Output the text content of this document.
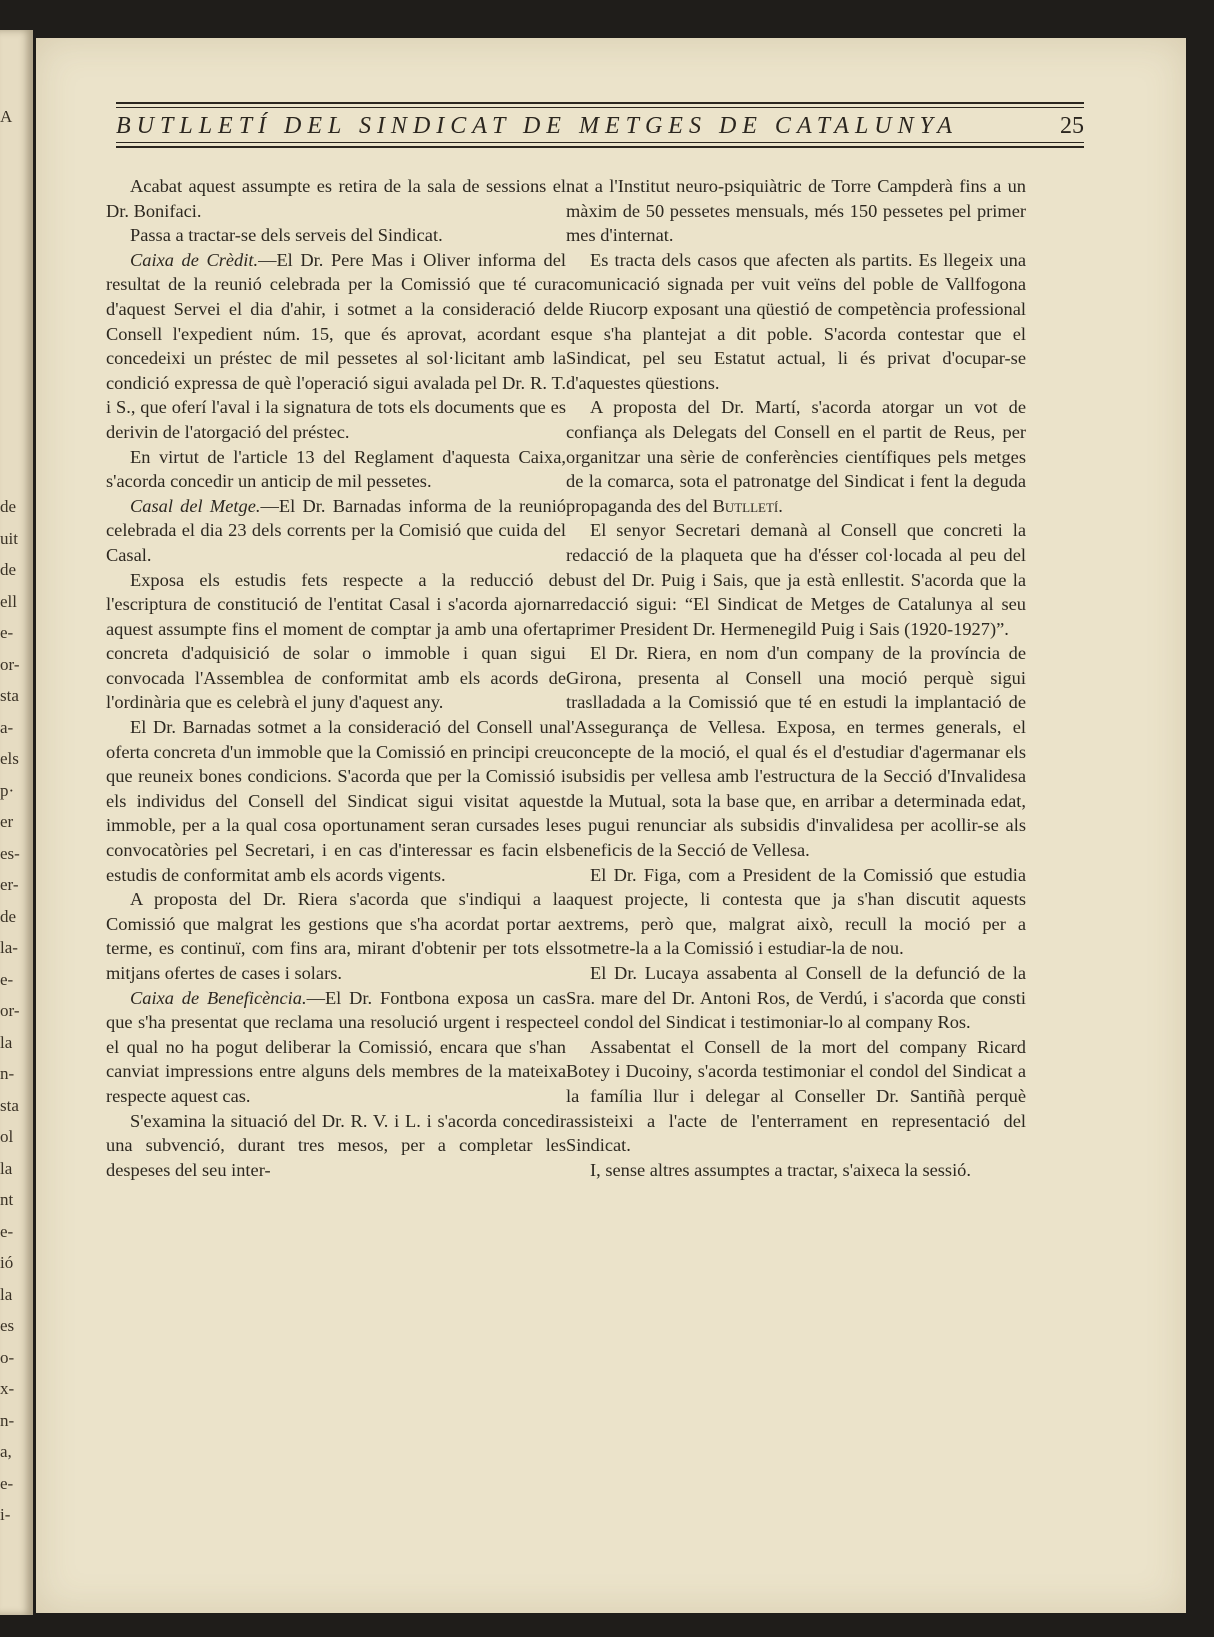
A
de
uit
de
ell
e-
or-
sta
a-
els
p·
er
es-
er-
de
la-
e-
or-
la
n-
sta
ol
la
nt
e-
ió
la
es
o-
x-
n-
a,
e-
i-
BUTLLETÍ DEL SINDICAT DE METGES DE CATALUNYA	25

Acabat aquest assumpte es retira de la sala de sessions el Dr. Bonifaci.

Passa a tractar-se dels serveis del Sindicat.

Caixa de Crèdit.—El Dr. Pere Mas i Oliver informa del resultat de la reunió celebrada per la Comissió que té cura d'aquest Servei el dia d'ahir, i sotmet a la consideració del Consell l'expedient núm. 15, que és aprovat, acordant es concedeixi un préstec de mil pessetes al sol·licitant amb la condició expressa de què l'operació sigui avalada pel Dr. R. T. i S., que oferí l'aval i la signatura de tots els documents que es derivin de l'atorgació del préstec.

En virtut de l'article 13 del Reglament d'aquesta Caixa, s'acorda concedir un anticip de mil pessetes.

Casal del Metge.—El Dr. Barnadas informa de la reunió celebrada el dia 23 dels corrents per la Comisió que cuida del Casal.

Exposa els estudis fets respecte a la reducció de l'escriptura de constitució de l'entitat Casal i s'acorda ajornar aquest assumpte fins el moment de comptar ja amb una oferta concreta d'adquisició de solar o immoble i quan sigui convocada l'Assemblea de conformitat amb els acords de l'ordinària que es celebrà el juny d'aquest any.

El Dr. Barnadas sotmet a la consideració del Consell una oferta concreta d'un immoble que la Comissió en principi creu que reuneix bones condicions. S'acorda que per la Comissió i els individus del Consell del Sindicat sigui visitat aquest immoble, per a la qual cosa oportunament seran cursades les convocatòries pel Secretari, i en cas d'interessar es facin els estudis de conformitat amb els acords vigents.

A proposta del Dr. Riera s'acorda que s'indiqui a la Comissió que malgrat les gestions que s'ha acordat portar a terme, es continuï, com fins ara, mirant d'obtenir per tots els mitjans ofertes de cases i solars.

Caixa de Beneficència.—El Dr. Fontbona exposa un cas que s'ha presentat que reclama una resolució urgent i respecte el qual no ha pogut deliberar la Comissió, encara que s'han canviat impressions entre alguns dels membres de la mateixa respecte aquest cas.

S'examina la situació del Dr. R. V. i L. i s'acorda concedir una subvenció, durant tres mesos, per a completar les despeses del seu inter-

nat a l'Institut neuro-psiquiàtric de Torre Campderà fins a un màxim de 50 pessetes mensuals, més 150 pessetes pel primer mes d'internat.

Es tracta dels casos que afecten als partits. Es llegeix una comunicació signada per vuit veïns del poble de Vallfogona de Riucorp exposant una qüestió de competència professional que s'ha plantejat a dit poble. S'acorda contestar que el Sindicat, pel seu Estatut actual, li és privat d'ocupar-se d'aquestes qüestions.

A proposta del Dr. Martí, s'acorda atorgar un vot de confiança als Delegats del Consell en el partit de Reus, per organitzar una sèrie de conferències científiques pels metges de la comarca, sota el patronatge del Sindicat i fent la deguda propaganda des del Butlletí.

El senyor Secretari demanà al Consell que concreti la redacció de la plaqueta que ha d'ésser col·locada al peu del bust del Dr. Puig i Sais, que ja està enllestit. S'acorda que la redacció sigui: “El Sindicat de Metges de Catalunya al seu primer President Dr. Hermenegild Puig i Sais (1920-1927)”.

El Dr. Riera, en nom d'un company de la província de Girona, presenta al Consell una moció perquè sigui traslladada a la Comissió que té en estudi la implantació de l'Assegurança de Vellesa. Exposa, en termes generals, el concepte de la moció, el qual és el d'estudiar d'agermanar els subsidis per vellesa amb l'estructura de la Secció d'Invalidesa de la Mutual, sota la base que, en arribar a determinada edat, es pugui renunciar als subsidis d'invalidesa per acollir-se als beneficis de la Secció de Vellesa.

El Dr. Figa, com a President de la Comissió que estudia aquest projecte, li contesta que ja s'han discutit aquests extrems, però que, malgrat això, recull la moció per a sotmetre-la a la Comissió i estudiar-la de nou.

El Dr. Lucaya assabenta al Consell de la defunció de la Sra. mare del Dr. Antoni Ros, de Verdú, i s'acorda que consti el condol del Sindicat i testimoniar-lo al company Ros.

Assabentat el Consell de la mort del company Ricard Botey i Ducoiny, s'acorda testimoniar el condol del Sindicat a la família llur i delegar al Conseller Dr. Santiñà perquè assisteixi a l'acte de l'enterrament en representació del Sindicat.

I, sense altres assumptes a tractar, s'aixeca la sessió.
